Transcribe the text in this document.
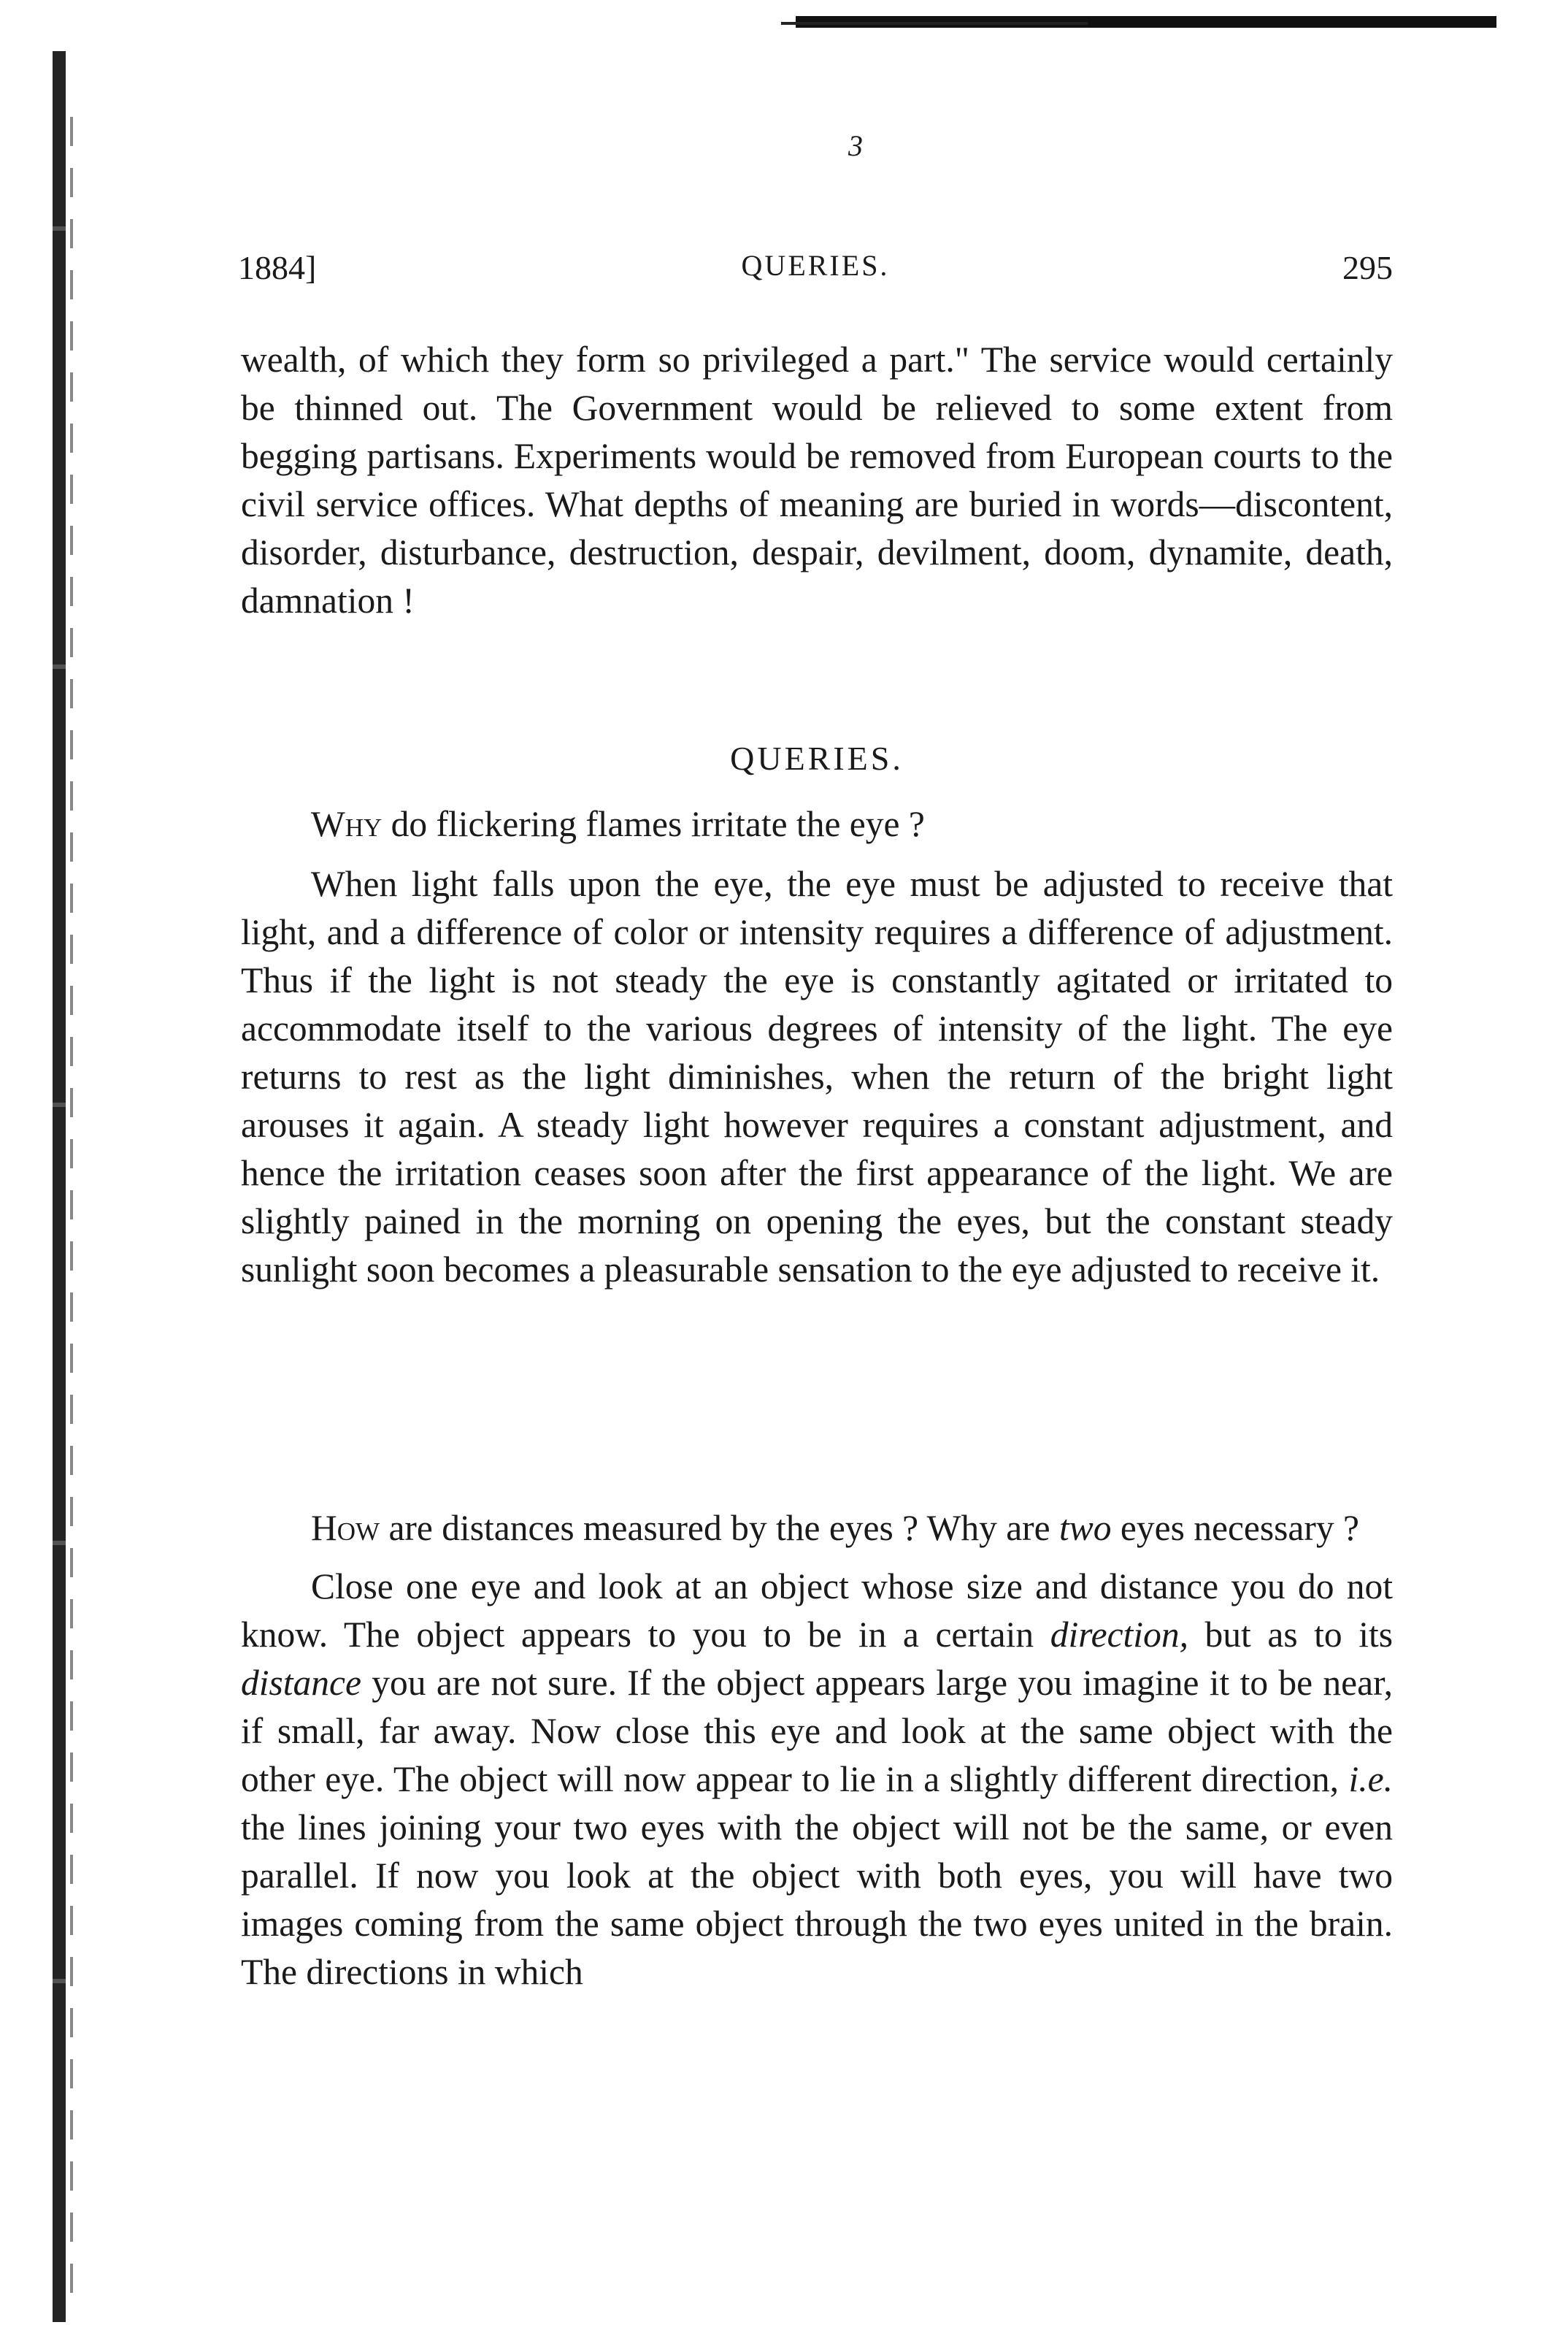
3
1884]	QUERIES.	295

wealth, of which they form so privileged a part." The service would certainly be thinned out. The Government would be relieved to some extent from begging partisans. Experiments would be removed from European courts to the civil service offices. What depths of meaning are buried in words—discontent, disorder, disturbance, destruction, despair, devilment, doom, dynamite, death, damnation !

QUERIES.

Why do flickering flames irritate the eye ?

When light falls upon the eye, the eye must be adjusted to receive that light, and a difference of color or intensity requires a difference of adjustment. Thus if the light is not steady the eye is constantly agitated or irritated to accommodate itself to the various degrees of intensity of the light. The eye returns to rest as the light diminishes, when the return of the bright light arouses it again. A steady light however requires a constant adjustment, and hence the irritation ceases soon after the first appearance of the light. We are slightly pained in the morning on opening the eyes, but the constant steady sunlight soon becomes a pleasurable sensation to the eye adjusted to receive it.

How are distances measured by the eyes ? Why are two eyes necessary ?

Close one eye and look at an object whose size and distance you do not know. The object appears to you to be in a certain direction, but as to its distance you are not sure. If the object appears large you imagine it to be near, if small, far away. Now close this eye and look at the same object with the other eye. The object will now appear to lie in a slightly different direction, i.e. the lines joining your two eyes with the object will not be the same, or even parallel. If now you look at the object with both eyes, you will have two images coming from the same object through the two eyes united in the brain. The directions in which
